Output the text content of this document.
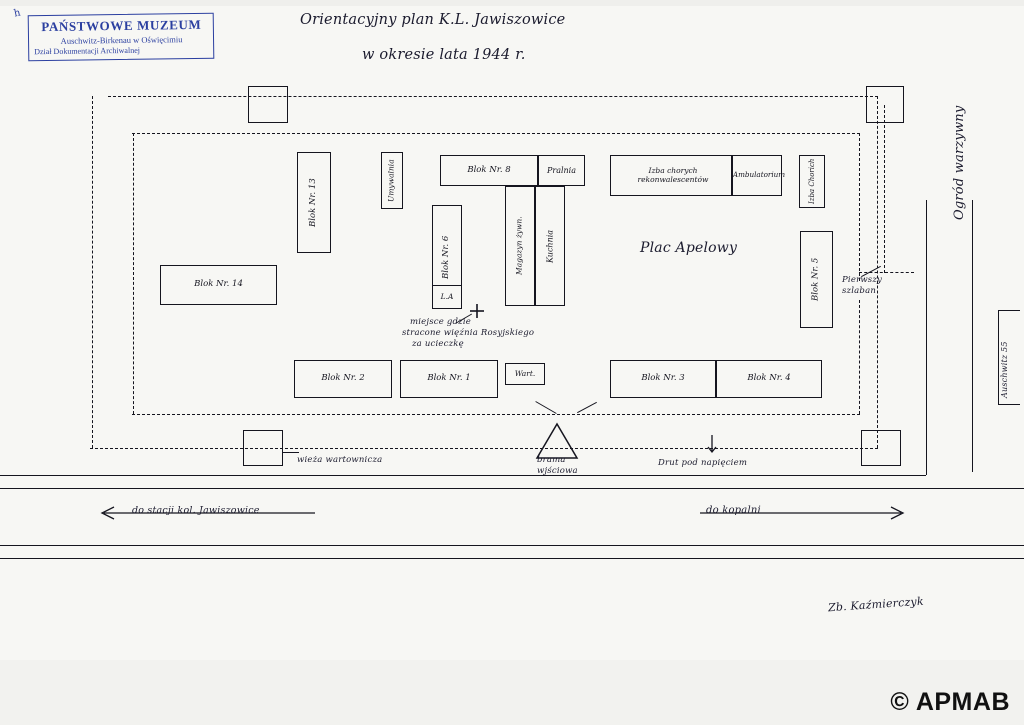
h
PAŃSTWOWE MUZEUM
Auschwitz-Birkenau w Oświęcimiu
Dział Dokumentacji Archiwalnej
Orientacyjny plan K.L. Jawiszowice
w okresie lata 1944 r.
Blok Nr. 13
Blok Nr. 14
Umywalnia	Blok Nr. 8	Pralnia	Izba chorych rekonwalescentów	Ambulatorium	Izba Chorich
Blok Nr. 6	Magazyn żywn.	Kuchnia
L.A	Blok Nr. 5
Blok Nr. 2	Blok Nr. 1	Wart.	Blok Nr. 3	Blok Nr. 4
Plac Apelowy
miejsce gdzie
stracone więźnia Rosyjskiego
za ucieczkę
Pierwszy
szlaban
wieża wartownicza	brama
wjściowa
Drut pod napięciem
Ogród warzywny
Auschwitz 55
do stacji kol. Jawiszowice	do kopalni
Zb. Kaźmierczyk
© APMAB
